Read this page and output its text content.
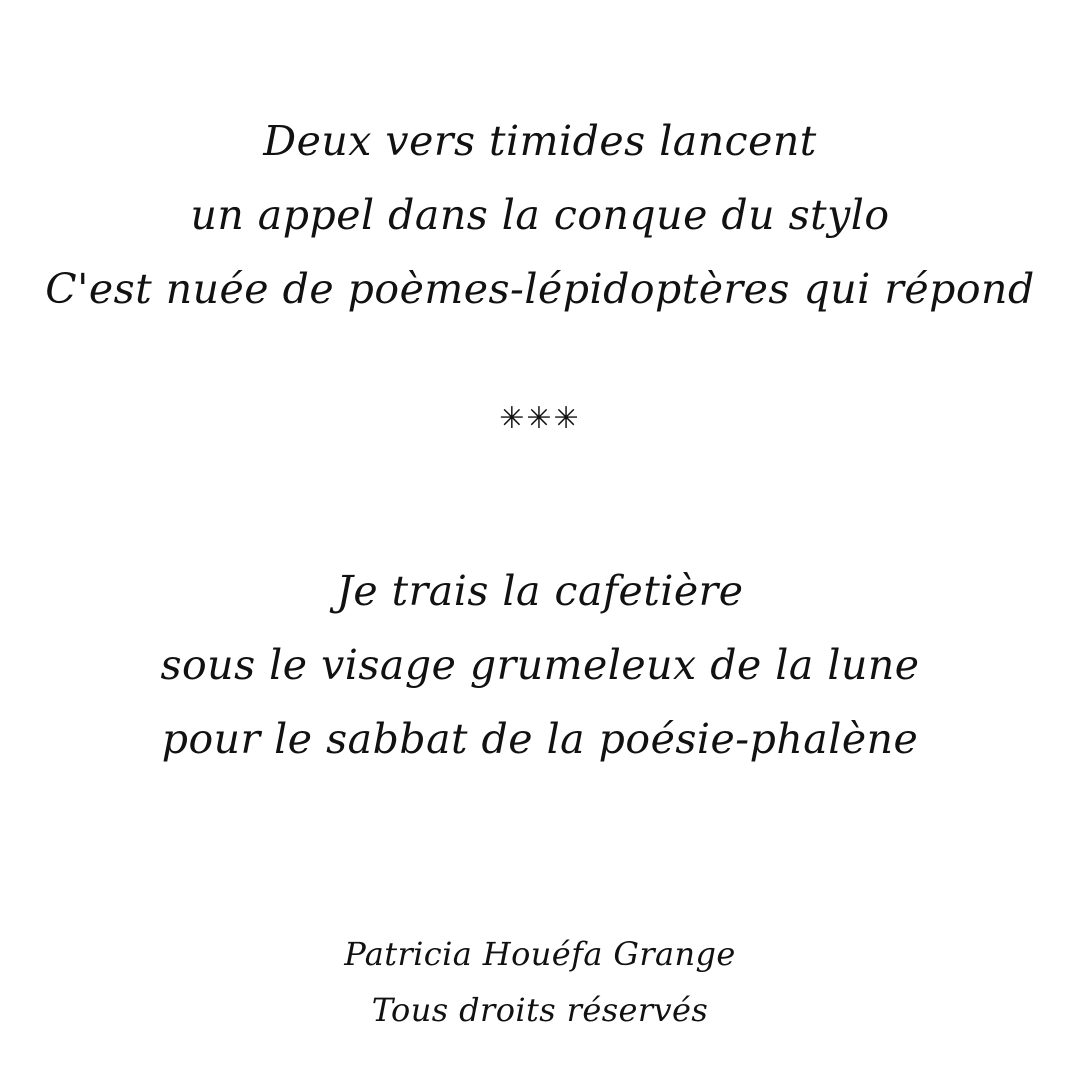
Deux vers timides lancent
un appel dans la conque du stylo
C'est nuée de poèmes-lépidoptères qui répond
✳✳✳
Je trais la cafetière
sous le visage grumeleux de la lune
pour le sabbat de la poésie-phalène
Patricia Houéfa Grange
Tous droits réservés
